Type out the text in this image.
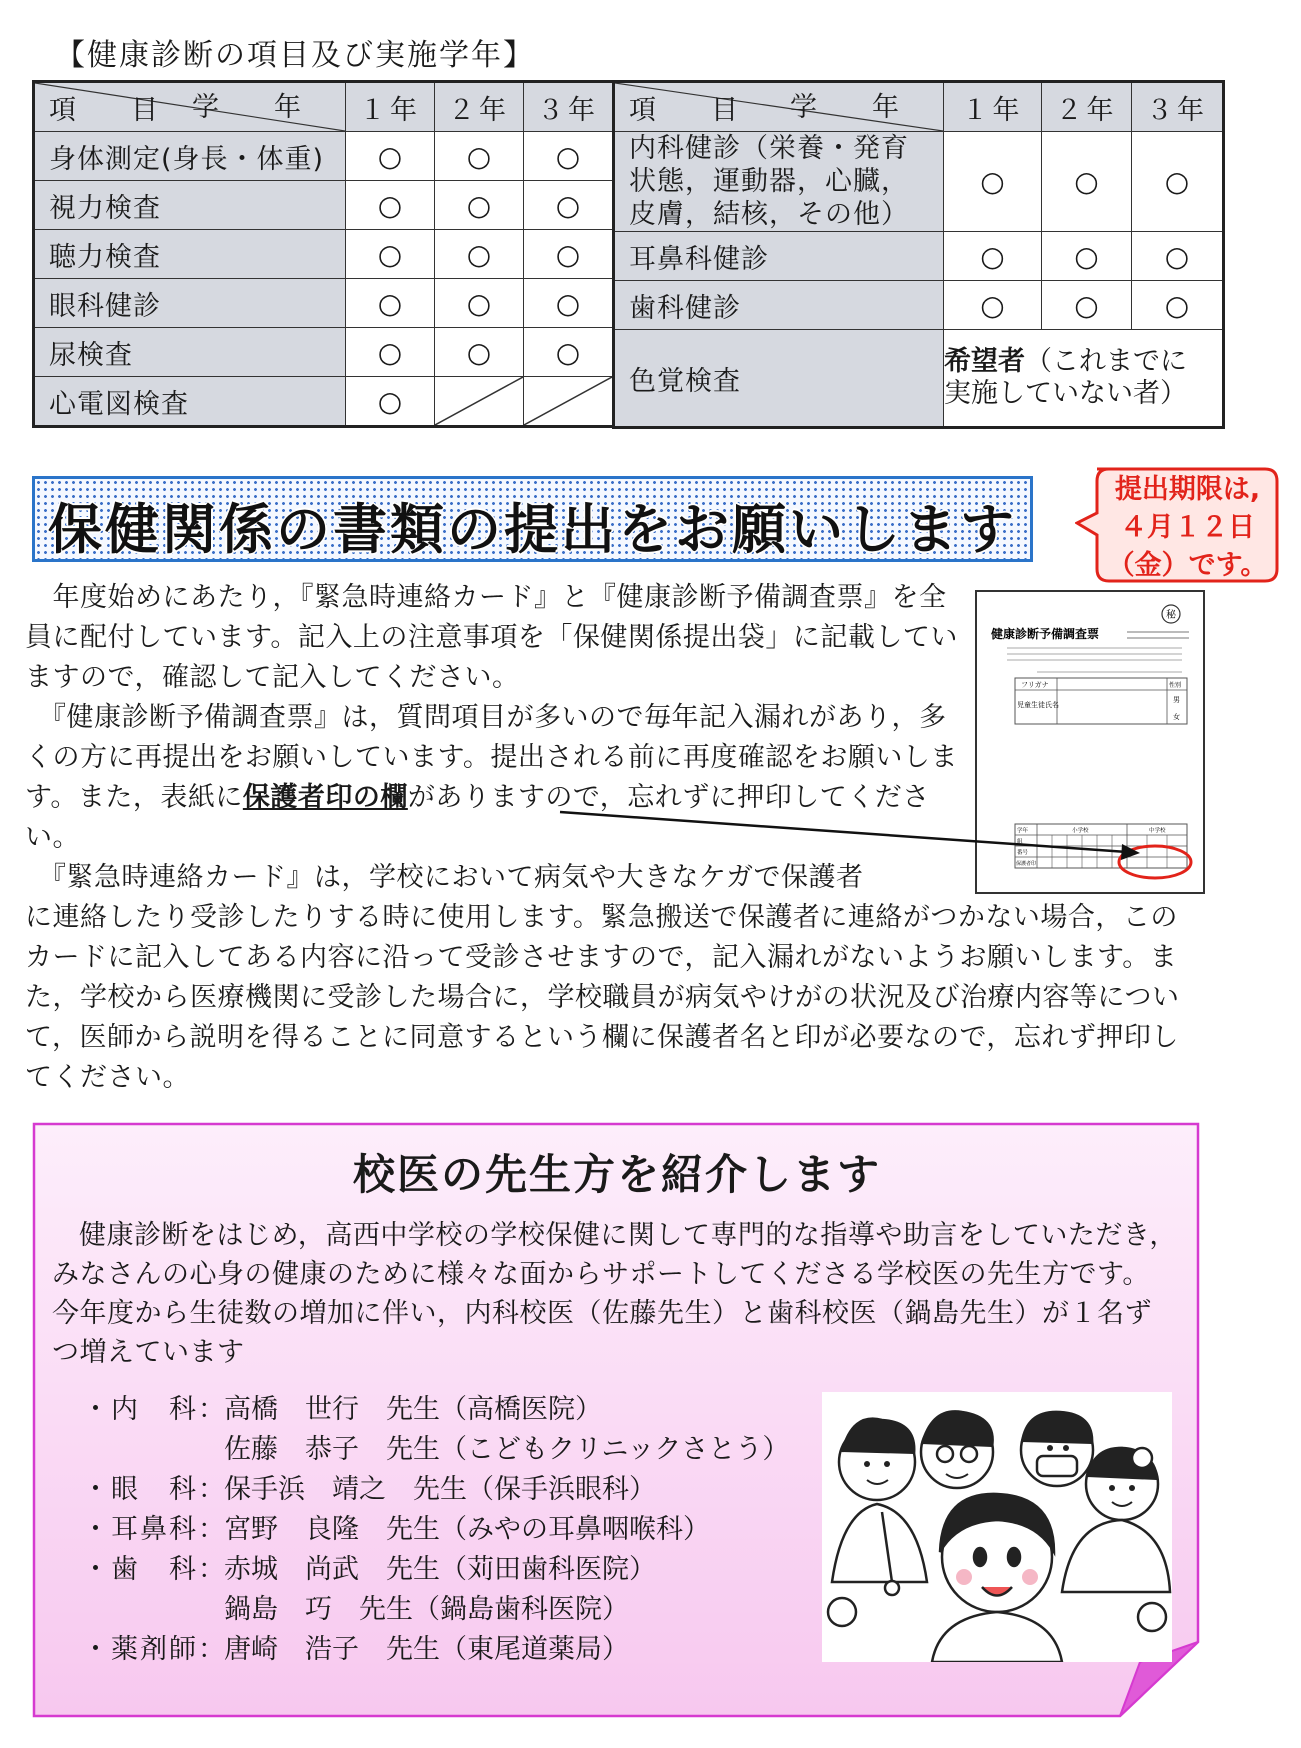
【健康診断の項目及び実施学年】
学　年
項　目	１年	２年	３年
身体測定(身長・体重)	○	○	○
視力検査	○	○	○
聴力検査	○	○	○
眼科健診	○	○	○
尿検査	○	○	○
心電図検査	○	

学　年
項　目	１年	２年	３年

内科健診（栄養・発育
状態，運動器，心臓，
皮膚，結核，その他）	○	○	○
耳鼻科健診	○	○	○
歯科健診	○	○	○
色覚検査	希望者（これまでに
実施していない者）		
保健関係の書類の提出をお願いします
提出期限は,
４月１２日
（金）です。
　年度始めにあたり，『緊急時連絡カード』と『健康診断予備調査票』を全員に配付しています。記入上の注意事項を「保健関係提出袋」に記載していますので，確認して記入してください。
　『健康診断予備調査票』は，質問項目が多いので毎年記入漏れがあり，多くの方に再提出をお願いしています。提出される前に再度確認をお願いします。また，表紙に保護者印の欄がありますので，忘れずに押印してください。
　『緊急時連絡カード』は，学校において病気や大きなケガで保護者
に連絡したり受診したりする時に使用します。緊急搬送で保護者に連絡がつかない場合，このカードに記入してある内容に沿って受診させますので，記入漏れがないようお願いします。また，学校から医療機関に受診した場合に，学校職員が病気やけがの状況及び治療内容等について，医師から説明を得ることに同意するという欄に保護者名と印が必要なので，忘れず押印してください。
秘
健康診断予備調査票
フリガナ
児童生徒氏名
性別
男
女
学年	小学校	中学校
組
番号
保護者印
校医の先生方を紹介します
健康診断をはじめ，高西中学校の学校保健に関して専門的な指導や助言をしていただき，みなさんの心身の健康のために様々な面からサポートしてくださる学校医の先生方です。今年度から生徒数の増加に伴い，内科校医（佐藤先生）と歯科校医（鍋島先生）が１名ずつ増えています
・内　科：高橋　世行　先生（高橋医院）
佐藤　恭子　先生（こどもクリニックさとう）
・眼　科：保手浜　靖之　先生（保手浜眼科）
・耳鼻科：宮野　良隆　先生（みやの耳鼻咽喉科）
・歯　科：赤城　尚武　先生（苅田歯科医院）
鍋島　巧　先生（鍋島歯科医院）
・薬剤師：唐崎　浩子　先生（東尾道薬局）
